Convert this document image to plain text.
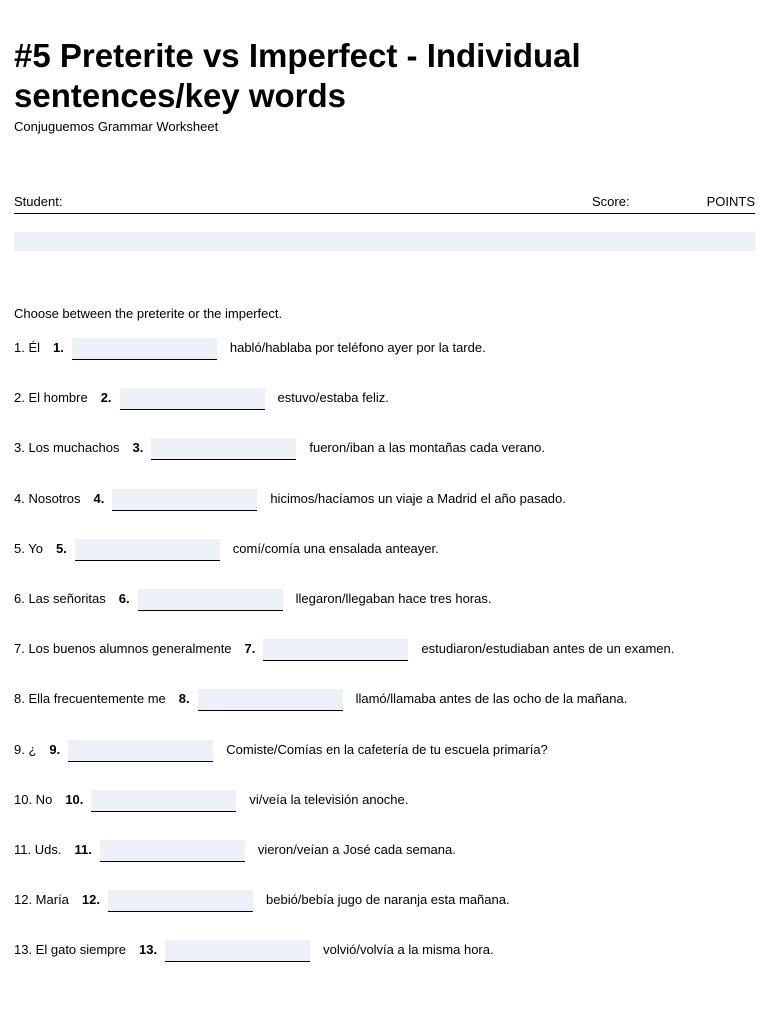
#5 Preterite vs Imperfect - Individual sentences/key words
Conjuguemos Grammar Worksheet
Student:	Score:	POINTS
Choose between the preterite or the imperfect.
1. Él 1.	habló/hablaba por teléfono ayer por la tarde.
2. El hombre 2.	estuvo/estaba feliz.
3. Los muchachos 3.	fueron/iban a las montañas cada verano.
4. Nosotros 4.	hicimos/hacíamos un viaje a Madrid el año pasado.
5. Yo 5.	comí/comía una ensalada anteayer.
6. Las señoritas 6.	llegaron/llegaban hace tres horas.
7. Los buenos alumnos generalmente 7.	estudiaron/estudiaban antes de un examen.
8. Ella frecuentemente me 8.	llamó/llamaba antes de las ocho de la mañana.
9. ¿ 9.	Comiste/Comías en la cafetería de tu escuela primaría?
10. No 10.	vi/veía la televisión anoche.
11. Uds. 11.	vieron/veían a José cada semana.
12. María 12.	bebió/bebía jugo de naranja esta mañana.
13. El gato siempre 13.	volvió/volvía a la misma hora.
